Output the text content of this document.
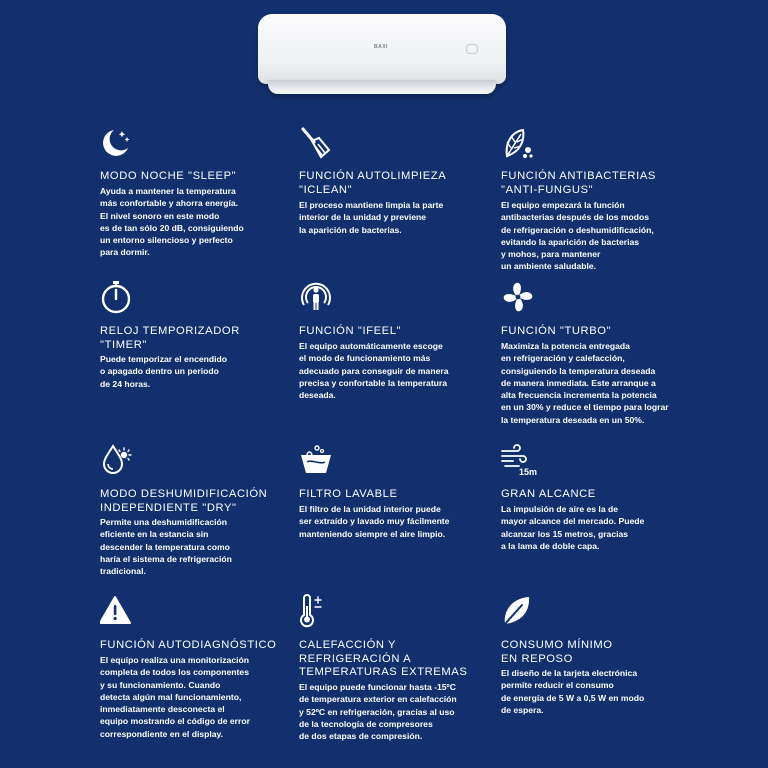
BAXI
MODO NOCHE "SLEEP"
Ayuda a mantener la temperatura
más confortable y ahorra energía.
El nivel sonoro en este modo
es de tan sólo 20 dB, consiguiendo
un entorno silencioso y perfecto
para dormir.
FUNCIÓN AUTOLIMPIEZA
"ICLEAN"
El proceso mantiene limpia la parte
interior de la unidad y previene
la aparición de bacterias.
FUNCIÓN ANTIBACTERIAS
"ANTI-FUNGUS"
El equipo empezará la función
antibacterias después de los modos
de refrigeración o deshumidificación,
evitando la aparición de bacterias
y mohos, para mantener
un ambiente saludable.
RELOJ TEMPORIZADOR
"TIMER"
Puede temporizar el encendido
o apagado dentro un periodo
de 24 horas.
FUNCIÓN "IFEEL"
El equipo automáticamente escoge
el modo de funcionamiento más
adecuado para conseguir de manera
precisa y confortable la temperatura
deseada.
FUNCIÓN "TURBO"
Maximiza la potencia entregada
en refrigeración y calefacción,
consiguiendo la temperatura deseada
de manera inmediata. Este arranque a
alta frecuencia incrementa la potencia
en un 30% y reduce el tiempo para lograr
la temperatura deseada en un 50%.
MODO DESHUMIDIFICACIÓN
INDEPENDIENTE "DRY"
Permite una deshumidificación
eficiente en la estancia sin
descender la temperatura como
haría el sistema de refrigeración
tradicional.
FILTRO LAVABLE
El filtro de la unidad interior puede
ser extraído y lavado muy fácilmente
manteniendo siempre el aire limpio.
15m
GRAN ALCANCE
La impulsión de aire es la de
mayor alcance del mercado. Puede
alcanzar los 15 metros, gracias
a la lama de doble capa.
FUNCIÓN AUTODIAGNÓSTICO
El equipo realiza una monitorización
completa de todos los componentes
y su funcionamiento. Cuando
detecta algún mal funcionamiento,
inmediatamente desconecta el
equipo mostrando el código de error
correspondiente en el display.
CALEFACCIÓN Y
REFRIGERACIÓN A
TEMPERATURAS EXTREMAS
El equipo puede funcionar hasta -15ºC
de temperatura exterior en calefacción
y 52ºC en refrigeración, gracias al uso
de la tecnología de compresores
de dos etapas de compresión.
CONSUMO MÍNIMO
EN REPOSO
El diseño de la tarjeta electrónica
permite reducir el consumo
de energía de 5 W a 0,5 W en modo
de espera.
